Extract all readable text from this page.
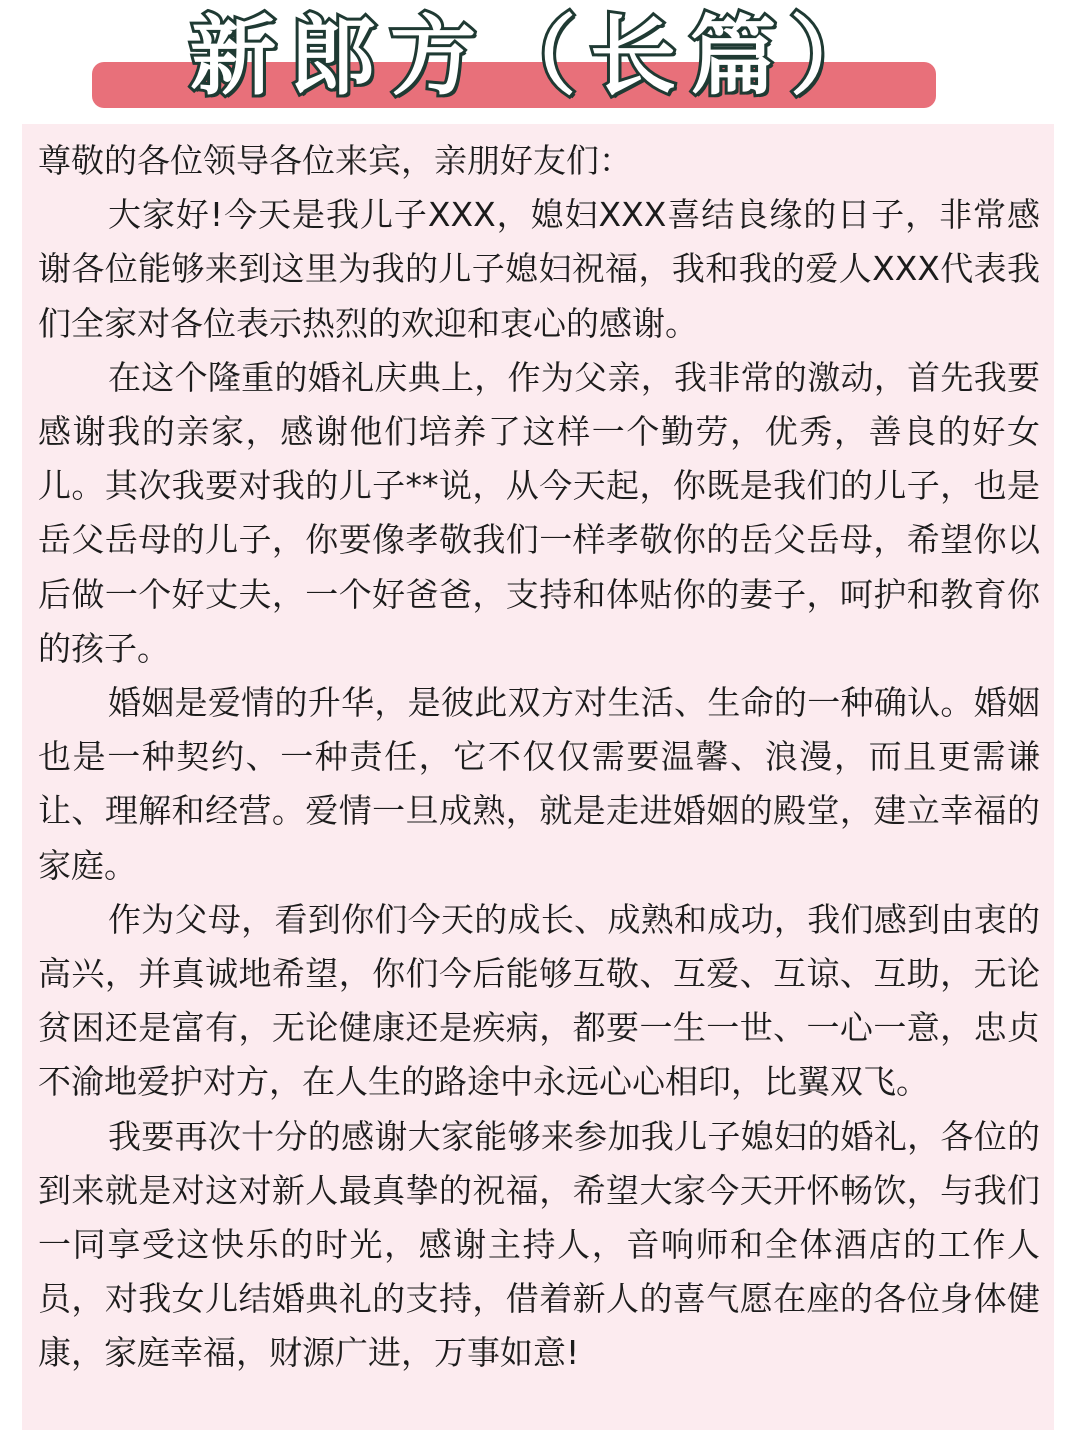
新郎方（长篇）

尊敬的各位领导各位来宾，亲朋好友们：

大家好!今天是我儿子XXX，媳妇XXX喜结良缘的日子，非常感谢各位能够来到这里为我的儿子媳妇祝福，我和我的爱人XXX代表我们全家对各位表示热烈的欢迎和衷心的感谢。

在这个隆重的婚礼庆典上，作为父亲，我非常的激动，首先我要感谢我的亲家，感谢他们培养了这样一个勤劳，优秀，善良的好女儿。其次我要对我的儿子**说，从今天起，你既是我们的儿子，也是岳父岳母的儿子，你要像孝敬我们一样孝敬你的岳父岳母，希望你以后做一个好丈夫，一个好爸爸，支持和体贴你的妻子，呵护和教育你的孩子。

婚姻是爱情的升华，是彼此双方对生活、生命的一种确认。婚姻也是一种契约、一种责任，它不仅仅需要温馨、浪漫，而且更需谦让、理解和经营。爱情一旦成熟，就是走进婚姻的殿堂，建立幸福的家庭。

作为父母，看到你们今天的成长、成熟和成功，我们感到由衷的高兴，并真诚地希望，你们今后能够互敬、互爱、互谅、互助，无论贫困还是富有，无论健康还是疾病，都要一生一世、一心一意，忠贞不渝地爱护对方，在人生的路途中永远心心相印，比翼双飞。

我要再次十分的感谢大家能够来参加我儿子媳妇的婚礼，各位的到来就是对这对新人最真挚的祝福，希望大家今天开怀畅饮，与我们一同享受这快乐的时光，感谢主持人，音响师和全体酒店的工作人员，对我女儿结婚典礼的支持，借着新人的喜气愿在座的各位身体健康，家庭幸福，财源广进，万事如意!
